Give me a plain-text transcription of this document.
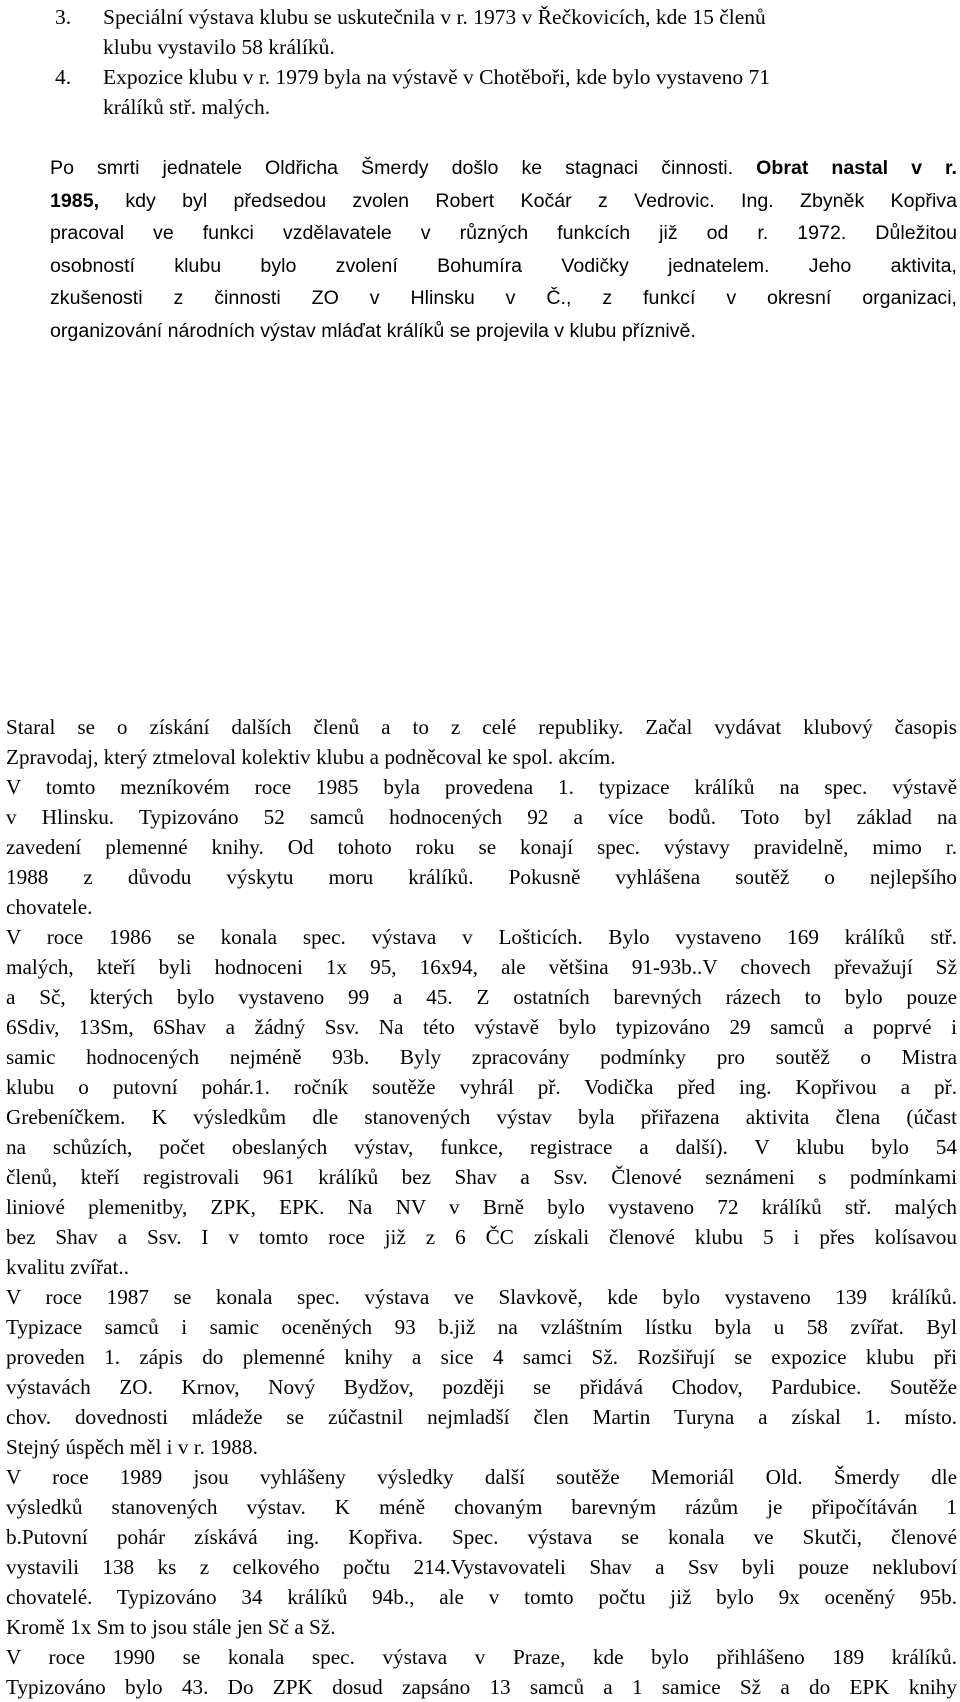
3. Speciální výstava klubu se uskutečnila v r. 1973 v Řečkovicích, kde 15 členů
klubu vystavilo 58 králíků.
4. Expozice klubu v r. 1979 byla na výstavě v Chotěboři, kde bylo vystaveno 71
králíků stř. malých.
Po smrti jednatele Oldřicha Šmerdy došlo ke stagnaci činnosti. Obrat nastal v r.
1985, kdy byl předsedou zvolen Robert Kočár z Vedrovic. Ing. Zbyněk Kopřiva
pracoval ve funkci vzdělavatele v různých funkcích již od r. 1972. Důležitou
osobností klubu bylo zvolení Bohumíra Vodičky jednatelem. Jeho aktivita,
zkušenosti z činnosti ZO v Hlinsku v Č., z funkcí v okresní organizaci,
organizování národních výstav mláďat králíků se projevila v klubu příznivě.
Staral se o získání dalších členů a to z celé republiky. Začal vydávat klubový časopis
Zpravodaj, který ztmeloval kolektiv klubu a podněcoval ke spol. akcím.
V tomto mezníkovém roce 1985 byla provedena 1. typizace králíků na spec. výstavě
v Hlinsku. Typizováno 52 samců hodnocených 92 a více bodů. Toto byl základ na
zavedení plemenné knihy. Od tohoto roku se konají spec. výstavy pravidelně, mimo r.
1988 z důvodu výskytu moru králíků. Pokusně vyhlášena soutěž o nejlepšího
chovatele.
V roce 1986 se konala spec. výstava v Lošticích. Bylo vystaveno 169 králíků stř.
malých, kteří byli hodnoceni 1x 95, 16x94, ale většina 91-93b..V chovech převažují Sž
a Sč, kterých bylo vystaveno 99 a 45. Z ostatních barevných rázech to bylo pouze
6Sdiv, 13Sm, 6Shav a žádný Ssv. Na této výstavě bylo typizováno 29 samců a poprvé i
samic hodnocených nejméně 93b. Byly zpracovány podmínky pro soutěž o Mistra
klubu o putovní pohár.1. ročník soutěže vyhrál př. Vodička před ing. Kopřivou a př.
Grebeníčkem. K výsledkům dle stanovených výstav byla přiřazena aktivita člena (účast
na schůzích, počet obeslaných výstav, funkce, registrace a další). V klubu bylo 54
členů, kteří registrovali 961 králíků bez Shav a Ssv. Členové seznámeni s podmínkami
liniové plemenitby, ZPK, EPK. Na NV v Brně bylo vystaveno 72 králíků stř. malých
bez Shav a Ssv. I v tomto roce již z 6 ČC získali členové klubu 5 i přes kolísavou
kvalitu zvířat..
V roce 1987 se konala spec. výstava ve Slavkově, kde bylo vystaveno 139 králíků.
Typizace samců i samic oceněných 93 b.již na vzláštním lístku byla u 58 zvířat. Byl
proveden 1. zápis do plemenné knihy a sice 4 samci Sž. Rozšiřují se expozice klubu při
výstavách ZO. Krnov, Nový Bydžov, později se přidává Chodov, Pardubice. Soutěže
chov. dovednosti mládeže se zúčastnil nejmladší člen Martin Turyna a získal 1. místo.
Stejný úspěch měl i v r. 1988.
V roce 1989 jsou vyhlášeny výsledky další soutěže Memoriál Old. Šmerdy dle
výsledků stanovených výstav. K méně chovaným barevným rázům je připočítáván 1
b.Putovní pohár získává ing. Kopřiva. Spec. výstava se konala ve Skutči, členové
vystavili 138 ks z celkového počtu 214.Vystavovateli Shav a Ssv byli pouze nekluboví
chovatelé. Typizováno 34 králíků 94b., ale v tomto počtu již bylo 9x oceněný 95b.
Kromě 1x Sm to jsou stále jen Sč a Sž.
V roce 1990 se konala spec. výstava v Praze, kde bylo přihlášeno 189 králíků.
Typizováno bylo 43. Do ZPK dosud zapsáno 13 samců a 1 samice Sž a do EPK knihy
